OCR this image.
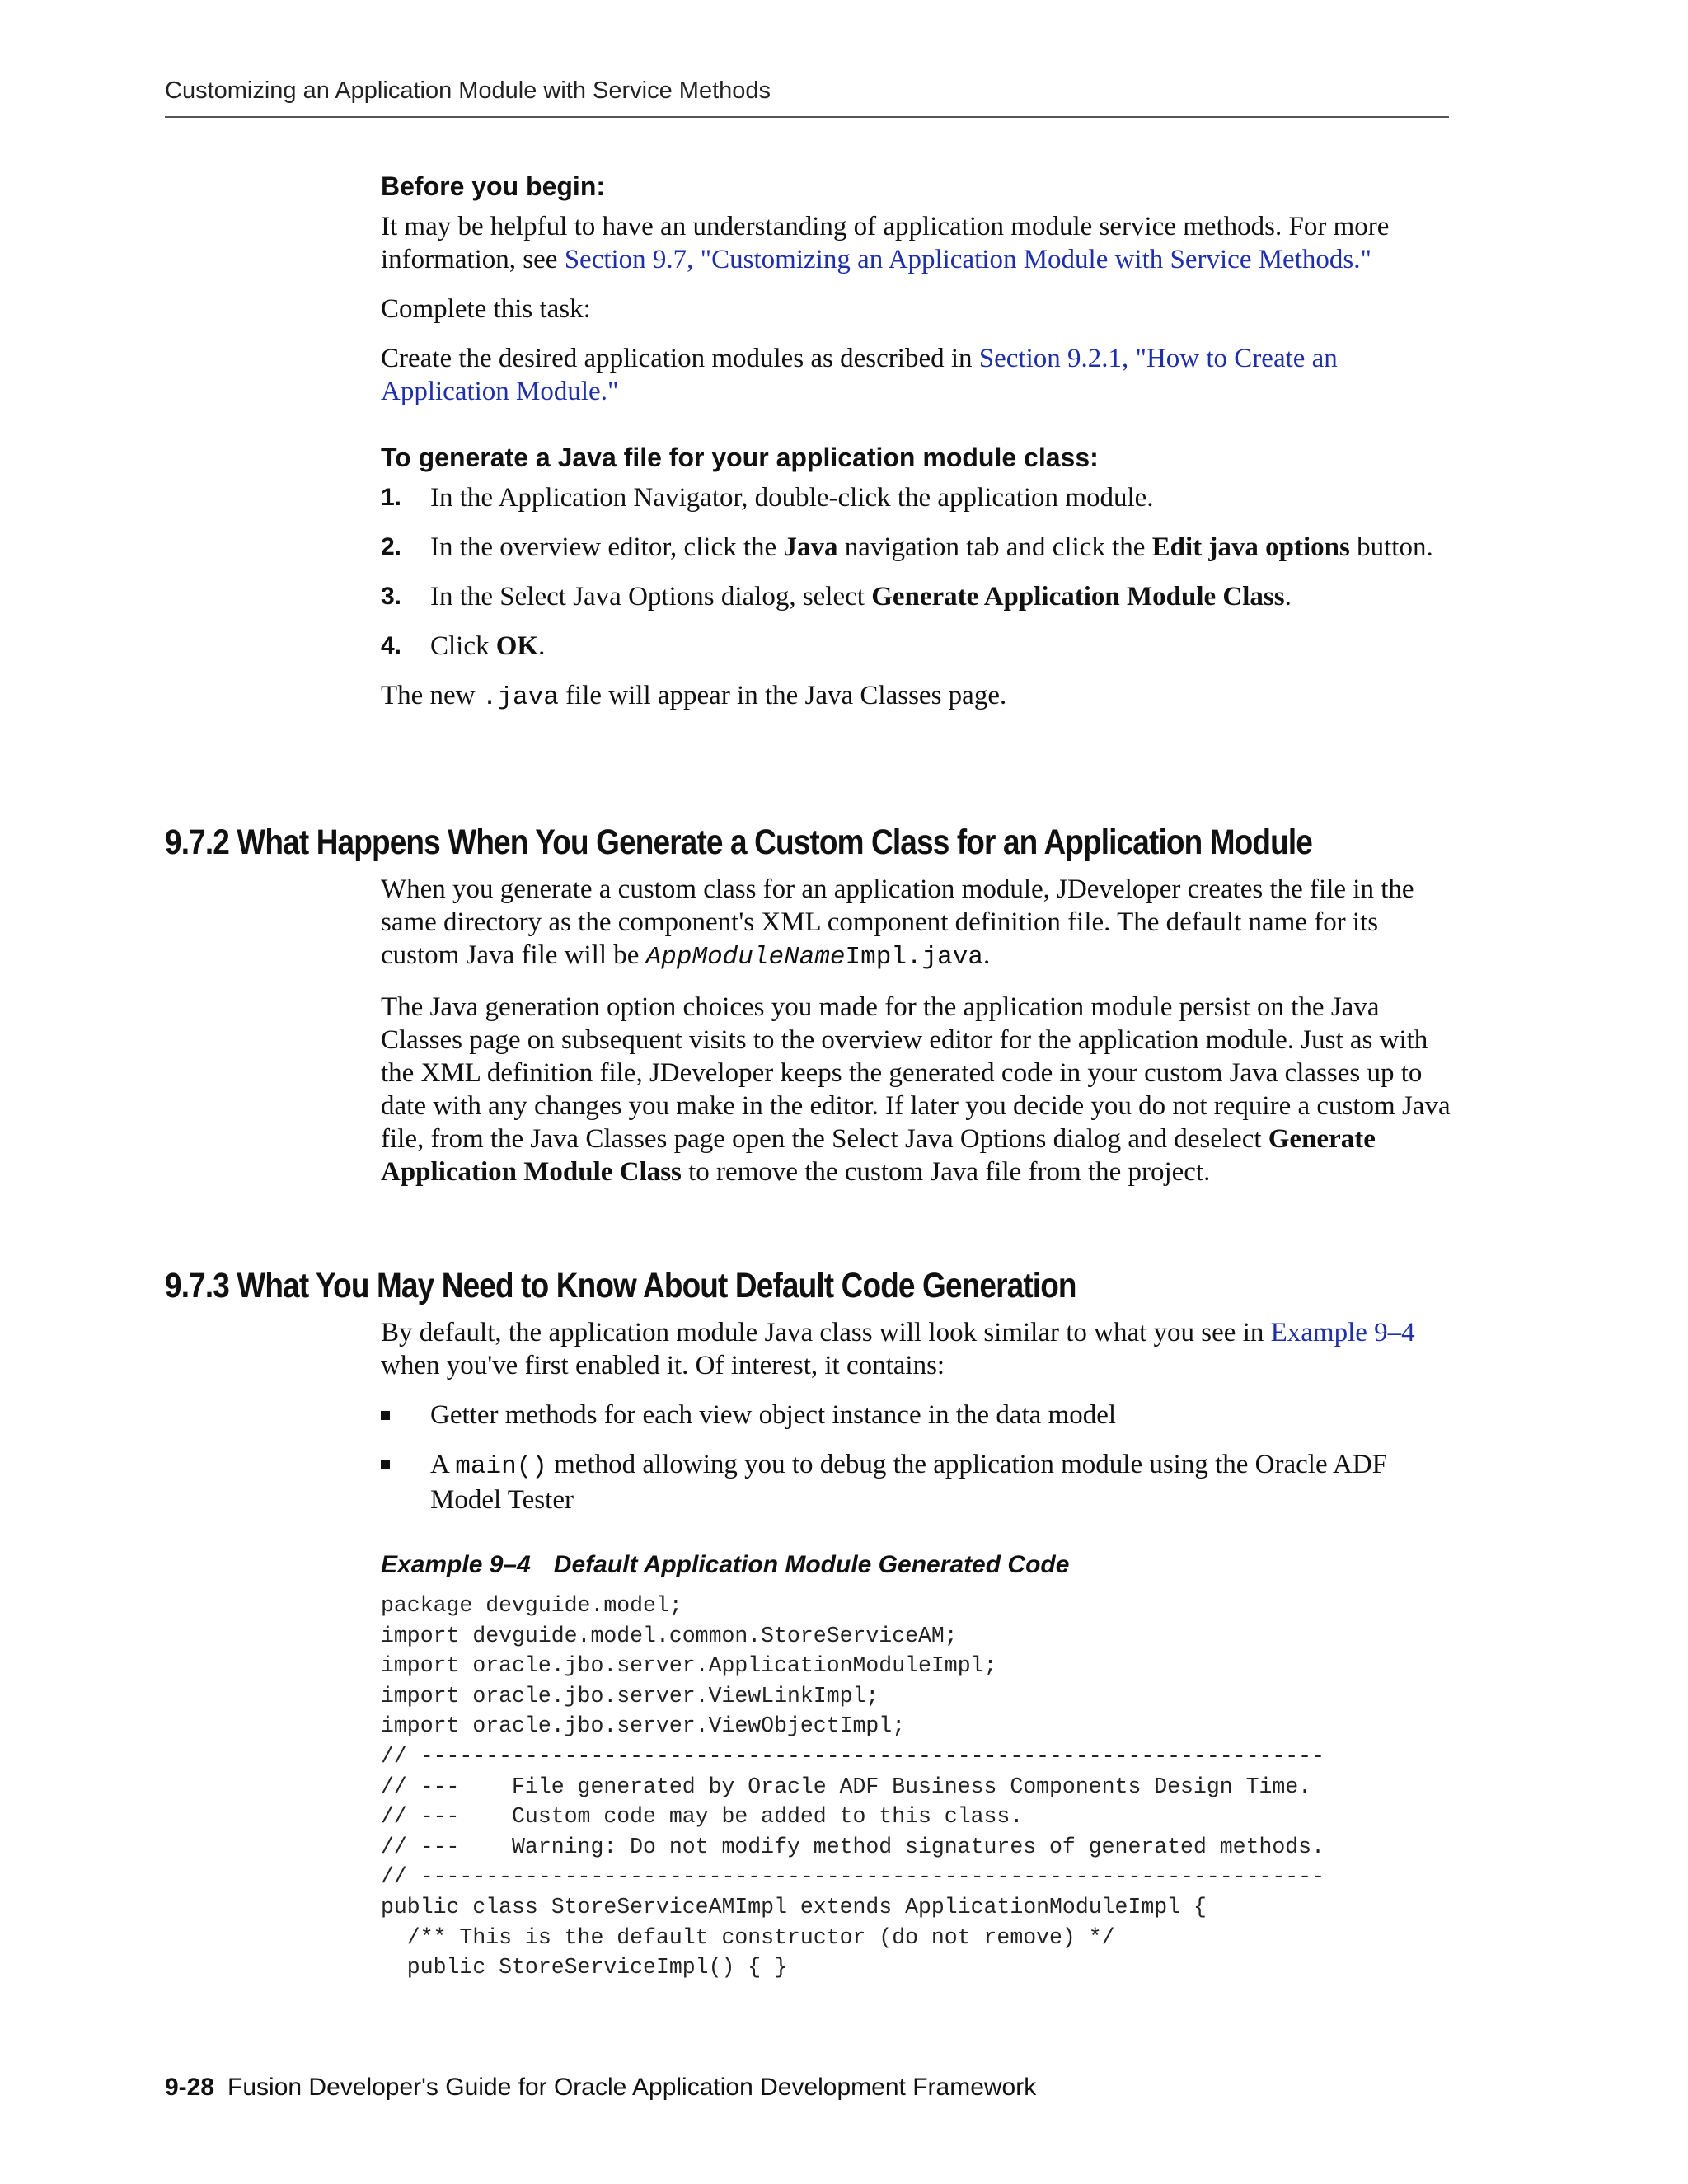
Customizing an Application Module with Service Methods
Before you begin:

It may be helpful to have an understanding of application module service methods. For more information, see Section 9.7, "Customizing an Application Module with Service Methods."

Complete this task:

Create the desired application modules as described in Section 9.2.1, "How to Create an Application Module."

To generate a Java file for your application module class:
1. In the Application Navigator, double-click the application module.
2. In the overview editor, click the Java navigation tab and click the Edit java options button.
3. In the Select Java Options dialog, select Generate Application Module Class.
4. Click OK.

The new .java file will appear in the Java Classes page.

9.7.2 What Happens When You Generate a Custom Class for an Application Module

When you generate a custom class for an application module, JDeveloper creates the file in the same directory as the component's XML component definition file. The default name for its custom Java file will be AppModuleNameImpl.java.

The Java generation option choices you made for the application module persist on the Java Classes page on subsequent visits to the overview editor for the application module. Just as with the XML definition file, JDeveloper keeps the generated code in your custom Java classes up to date with any changes you make in the editor. If later you decide you do not require a custom Java file, from the Java Classes page open the Select Java Options dialog and deselect Generate Application Module Class to remove the custom Java file from the project.

9.7.3 What You May Need to Know About Default Code Generation

By default, the application module Java class will look similar to what you see in Example 9–4 when you've first enabled it. Of interest, it contains:

Getter methods for each view object instance in the data model
A main() method allowing you to debug the application module using the Oracle ADF Model Tester
Example 9–4 Default Application Module Generated Code
package devguide.model;
import devguide.model.common.StoreServiceAM;
import oracle.jbo.server.ApplicationModuleImpl;
import oracle.jbo.server.ViewLinkImpl;
import oracle.jbo.server.ViewObjectImpl;
// ---------------------------------------------------------------------
// ---    File generated by Oracle ADF Business Components Design Time.
// ---    Custom code may be added to this class.
// ---    Warning: Do not modify method signatures of generated methods.
// ---------------------------------------------------------------------
public class StoreServiceAMImpl extends ApplicationModuleImpl {
/** This is the default constructor (do not remove) */
public StoreServiceImpl() { }
9-28 Fusion Developer's Guide for Oracle Application Development Framework
